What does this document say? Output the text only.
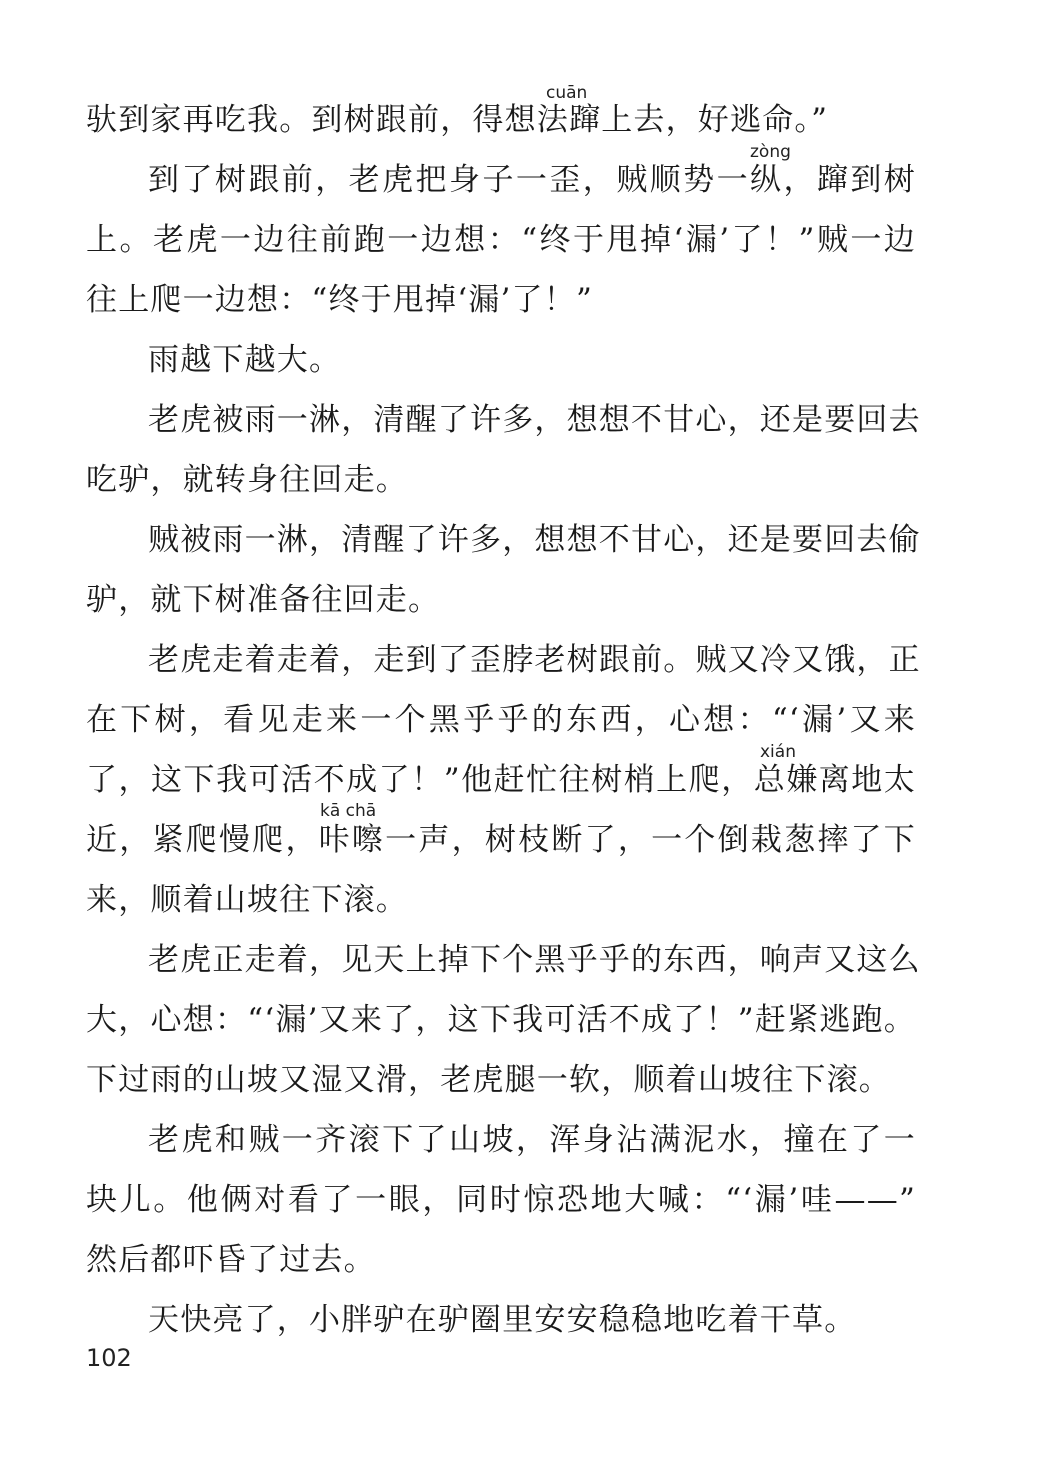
cuān
zòng
xián
kā chā
驮到家再吃我。到树跟前，得想法蹿上去，好逃命。”
到了树跟前，老虎把身子一歪，贼顺势一纵，蹿到树
上。老虎一边往前跑一边想：“终于甩掉‘漏’了！”贼一边
往上爬一边想：“终于甩掉‘漏’了！”
雨越下越大。
老虎被雨一淋，清醒了许多，想想不甘心，还是要回去
吃驴，就转身往回走。
贼被雨一淋，清醒了许多，想想不甘心，还是要回去偷
驴，就下树准备往回走。
老虎走着走着，走到了歪脖老树跟前。贼又冷又饿，正
在下树，看见走来一个黑乎乎的东西，心想：“‘漏’又来
了，这下我可活不成了！”他赶忙往树梢上爬，总嫌离地太
近，紧爬慢爬，咔嚓一声，树枝断了，一个倒栽葱摔了下
来，顺着山坡往下滚。
老虎正走着，见天上掉下个黑乎乎的东西，响声又这么
大，心想：“‘漏’又来了，这下我可活不成了！”赶紧逃跑。
下过雨的山坡又湿又滑，老虎腿一软，顺着山坡往下滚。
老虎和贼一齐滚下了山坡，浑身沾满泥水，撞在了一
块儿。他俩对看了一眼，同时惊恐地大喊：“‘漏’哇——”
然后都吓昏了过去。
天快亮了，小胖驴在驴圈里安安稳稳地吃着干草。
102
